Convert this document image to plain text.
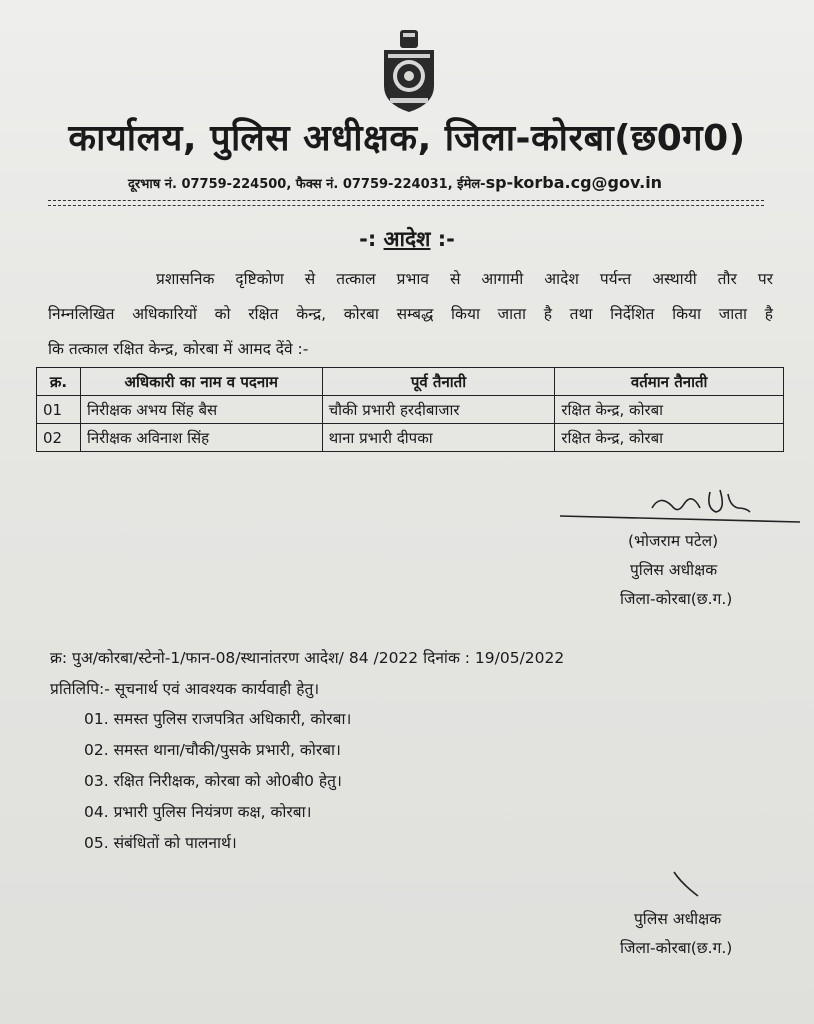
कार्यालय, पुलिस अधीक्षक, जिला-कोरबा(छ0ग0)
दूरभाष नं. 07759-224500, फैक्स नं. 07759-224031, ईमेल-sp-korba.cg@gov.in
-: आदेश :-
प्रशासनिक दृष्टिकोण से तत्काल प्रभाव से आगामी आदेश पर्यन्त अस्थायी तौर पर
निम्नलिखित अधिकारियों को रक्षित केन्द्र, कोरबा सम्बद्ध किया जाता है तथा निर्देशित किया जाता है
कि तत्काल रक्षित केन्द्र, कोरबा में आमद देंवे :-
क्र.	अधिकारी का नाम व पदनाम	पूर्व तैनाती	वर्तमान तैनाती
01	निरीक्षक अभय सिंह बैस	चौकी प्रभारी हरदीबाजार	रक्षित केन्द्र, कोरबा
02	निरीक्षक अविनाश सिंह	थाना प्रभारी दीपका	रक्षित केन्द्र, कोरबा
(भोजराम पटेल)
पुलिस अधीक्षक
जिला-कोरबा(छ.ग.)
क्र: पुअ/कोरबा/स्टेनो-1/फान-08/स्थानांतरण आदेश/ 84 /2022 दिनांक : 19/05/2022
प्रतिलिपि:- सूचनार्थ एवं आवश्यक कार्यवाही हेतु।
01. समस्त पुलिस राजपत्रित अधिकारी, कोरबा।
02. समस्त थाना/चौकी/पुसके प्रभारी, कोरबा।
03. रक्षित निरीक्षक, कोरबा को ओ0बी0 हेतु।
04. प्रभारी पुलिस नियंत्रण कक्ष, कोरबा।
05. संबंधितों को पालनार्थ।
पुलिस अधीक्षक
जिला-कोरबा(छ.ग.)
